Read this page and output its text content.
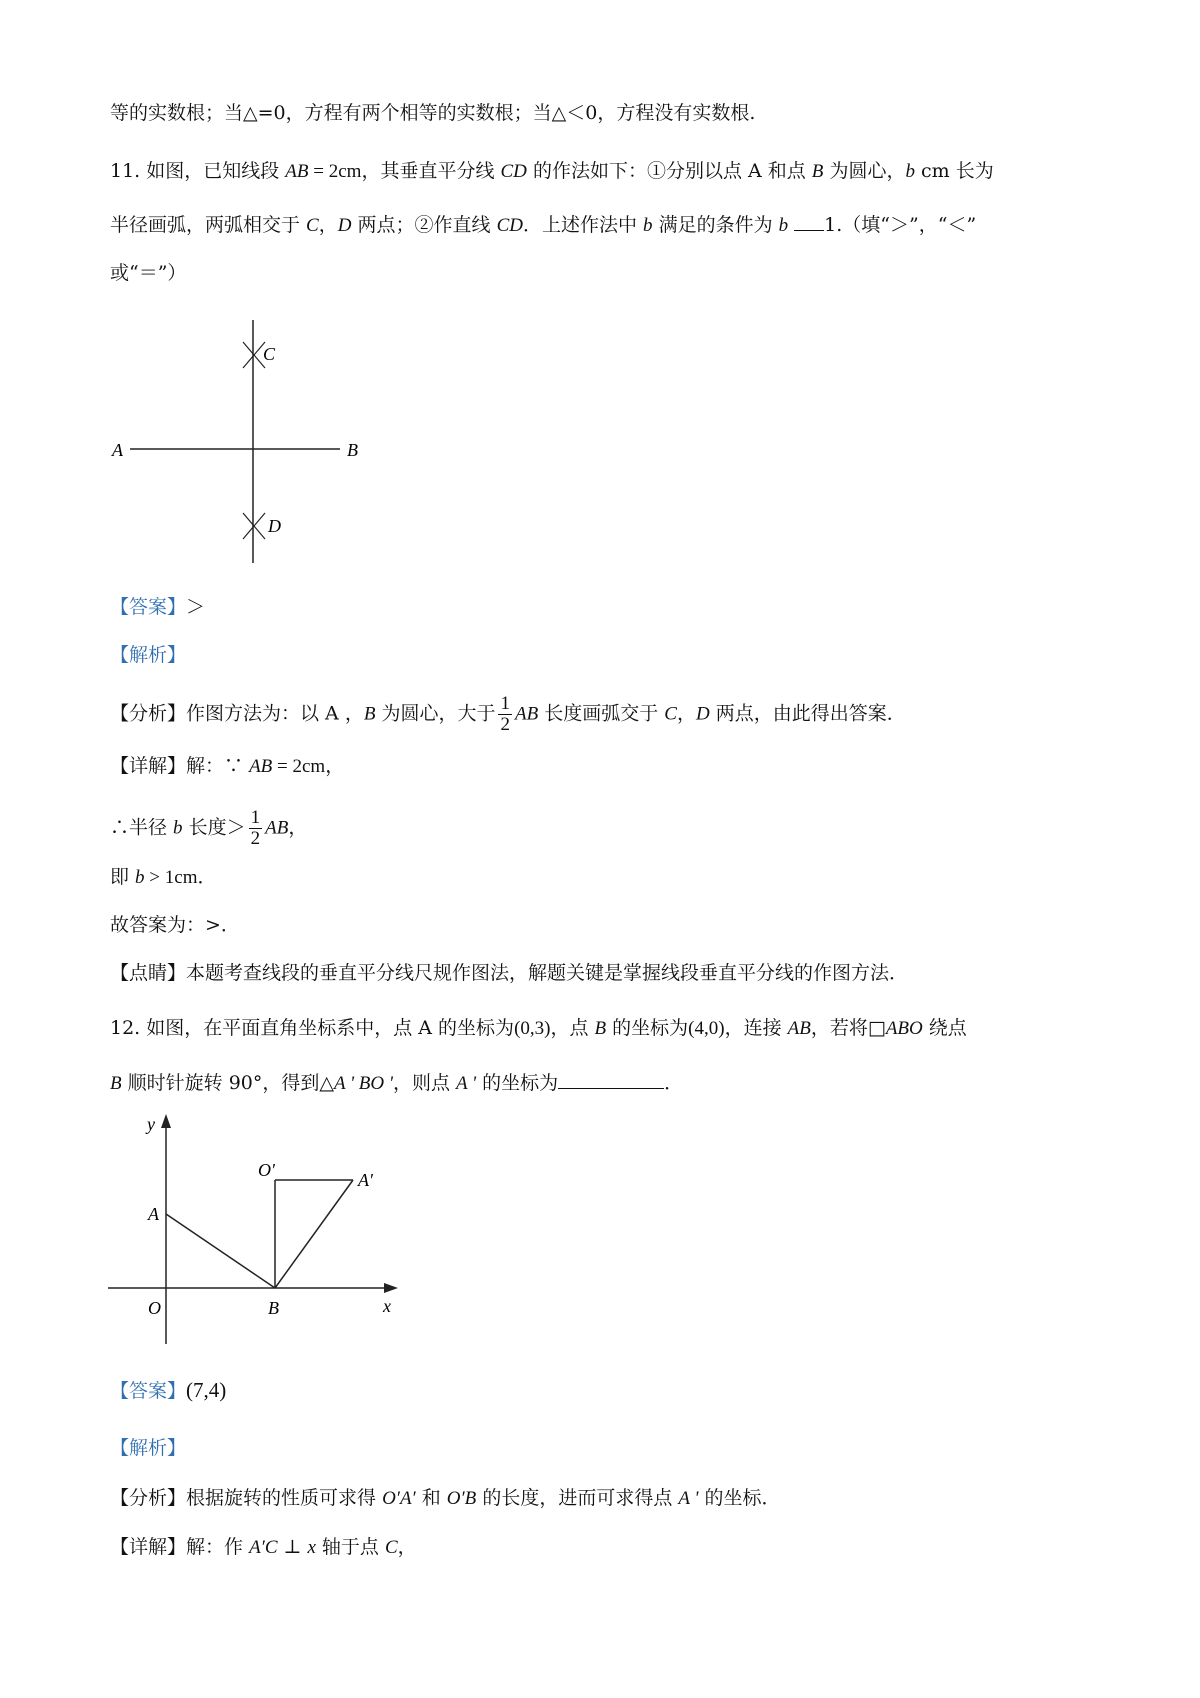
等的实数根；当△=0，方程有两个相等的实数根；当△＜0，方程没有实数根.
11. 如图，已知线段 AB = 2cm，其垂直平分线 CD 的作法如下：①分别以点 A 和点 B 为圆心，b cm 长为
半径画弧，两弧相交于 C，D 两点；②作直线 CD．上述作法中 b 满足的条件为 b 1.（填“＞”，“＜”
或“＝”）
A	B
C
D
【答案】＞
【解析】
【分析】作图方法为：以 A ，B 为圆心，大于 $\frac{1}{2}$ AB 长度画弧交于 C，D 两点，由此得出答案．
【详解】解：∵ AB = 2cm，
∴半径 b 长度＞ $\frac{1}{2}$ AB，
即 b > 1cm．
故答案为：>．
【点睛】本题考查线段的垂直平分线尺规作图法，解题关键是掌握线段垂直平分线的作图方法．
12. 如图，在平面直角坐标系中，点 A 的坐标为(0,3)，点 B 的坐标为(4,0)，连接 AB，若将□ABO 绕点
B 顺时针旋转 90°，得到△A ' BO '，则点 A ' 的坐标为	．
y
x
O
A
B
O′	A′
【答案】(7,4)
【解析】
【分析】根据旋转的性质可求得 O′A′ 和 O′B 的长度，进而可求得点 A ' 的坐标．
【详解】解：作 A′C ⊥ x 轴于点 C，
